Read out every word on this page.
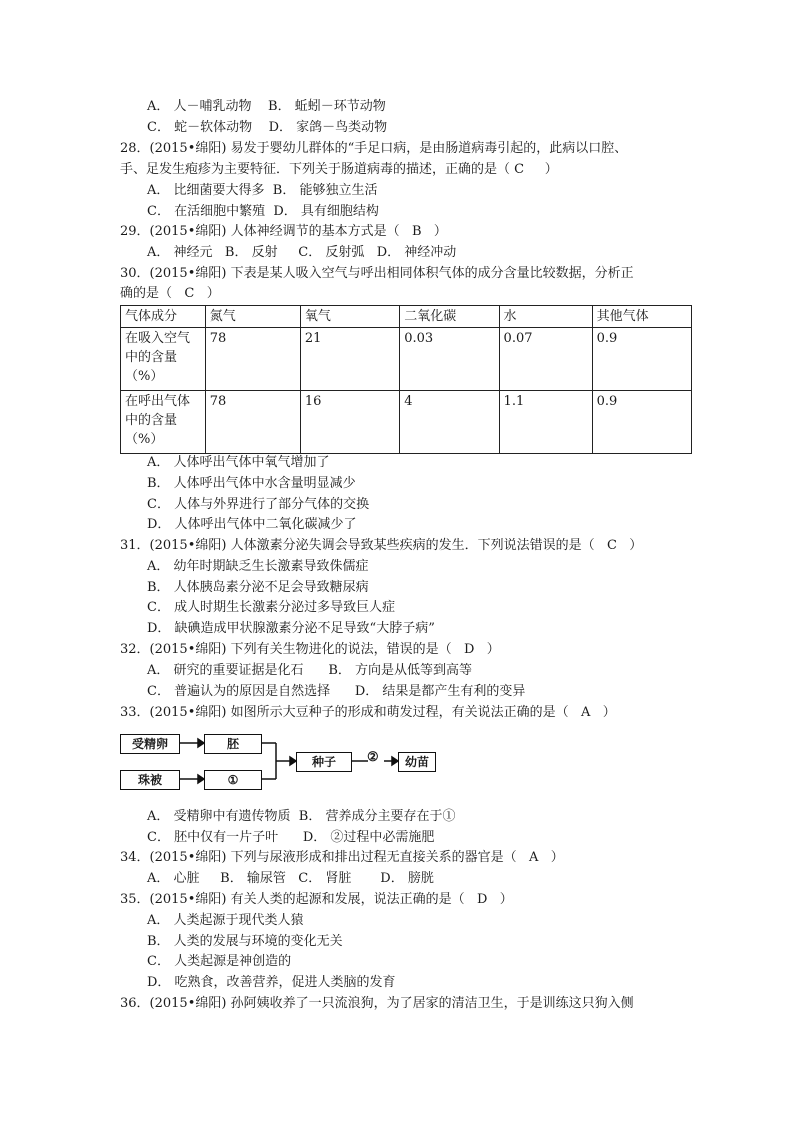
A． 人－哺乳动物    B． 蚯蚓－环节动物
C． 蛇－软体动物    D． 家鸽－鸟类动物
28．(2015•绵阳) 易发于婴幼儿群体的“手足口病，是由肠道病毒引起的，此病以口腔、
手、足发生疱疹为主要特征．下列关于肠道病毒的描述，正确的是（ C     ）
A． 比细菌要大得多  B． 能够独立生活
C． 在活细胞中繁殖  D． 具有细胞结构
29．(2015•绵阳) 人体神经调节的基本方式是（   B   ）
A． 神经元   B． 反射     C． 反射弧   D． 神经冲动
30．(2015•绵阳) 下表是某人吸入空气与呼出相同体积气体的成分含量比较数据，分析正
确的是（   C   ）
气体成分	氮气	氧气	二氧化碳	水	其他气体

在吸入空气
中的含量
（%）	78	21	0.03	0.07	0.9

在呼出气体
中的含量
（%）	78	16	4	1.1	0.9
A． 人体呼出气体中氧气增加了
B． 人体呼出气体中水含量明显减少
C． 人体与外界进行了部分气体的交换
D． 人体呼出气体中二氧化碳减少了
31．(2015•绵阳) 人体激素分泌失调会导致某些疾病的发生．下列说法错误的是（   C   ）
A． 幼年时期缺乏生长激素导致侏儒症
B． 人体胰岛素分泌不足会导致糖尿病
C． 成人时期生长激素分泌过多导致巨人症
D． 缺碘造成甲状腺激素分泌不足导致“大脖子病”
32．(2015•绵阳) 下列有关生物进化的说法，错误的是（   D   ）
A． 研究的重要证据是化石      B． 方向是从低等到高等
C． 普遍认为的原因是自然选择      D． 结果是都产生有利的变异
33．(2015•绵阳) 如图所示大豆种子的形成和萌发过程，有关说法正确的是（   A   ）
受精卵	胚
珠被	①
种子	②	幼苗
A． 受精卵中有遗传物质  B． 营养成分主要存在于①
C． 胚中仅有一片子叶      D． ②过程中必需施肥
34．(2015•绵阳) 下列与尿液形成和排出过程无直接关系的器官是（   A   ）
A． 心脏     B． 输尿管   C． 肾脏       D． 膀胱
35．(2015•绵阳) 有关人类的起源和发展，说法正确的是（   D   ）
A． 人类起源于现代类人猿
B． 人类的发展与环境的变化无关
C． 人类起源是神创造的
D． 吃熟食，改善营养，促进人类脑的发育
36．(2015•绵阳) 孙阿姨收养了一只流浪狗，为了居家的清洁卫生，于是训练这只狗入侧
